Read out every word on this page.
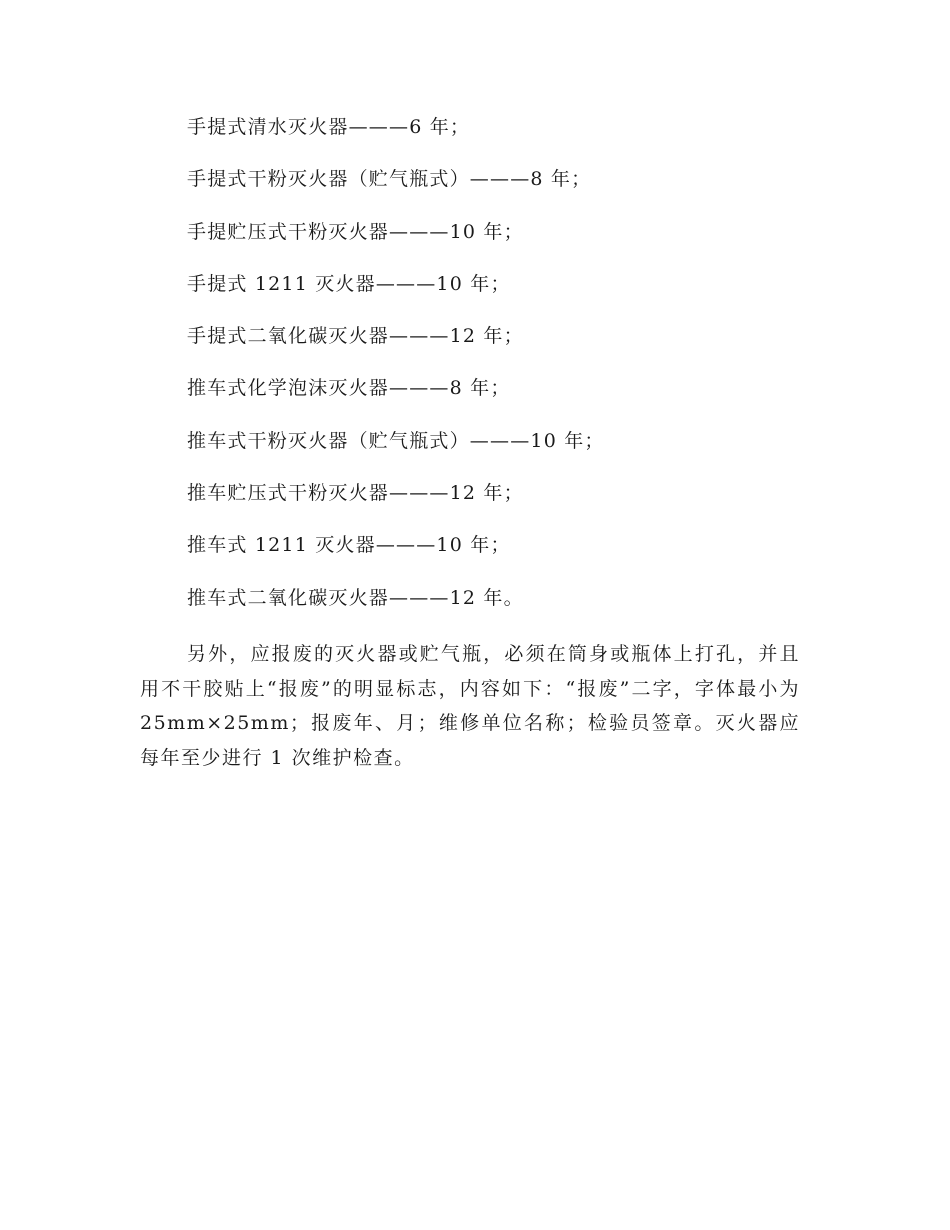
手提式清水灭火器———6 年；
手提式干粉灭火器（贮气瓶式）———8 年；
手提贮压式干粉灭火器———10 年；
手提式 1211 灭火器———10 年；
手提式二氧化碳灭火器———12 年；
推车式化学泡沫灭火器———8 年；
推车式干粉灭火器（贮气瓶式）———10 年；
推车贮压式干粉灭火器———12 年；
推车式 1211 灭火器———10 年；
推车式二氧化碳灭火器———12 年。

另外，应报废的灭火器或贮气瓶，必须在筒身或瓶体上打孔，并且用不干胶贴上“报废”的明显标志，内容如下：“报废”二字，字体最小为 25mm×25mm；报废年、月；维修单位名称；检验员签章。灭火器应每年至少进行 1 次维护检查。
